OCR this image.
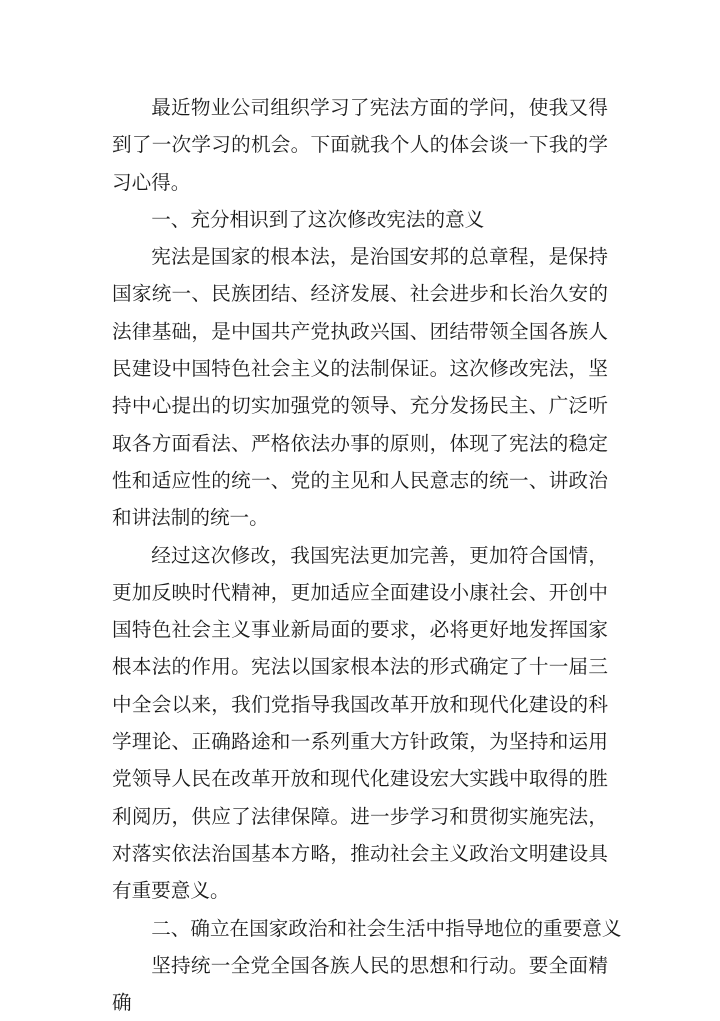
最近物业公司组织学习了宪法方面的学问，使我又得到了一次学习的机会。下面就我个人的体会谈一下我的学习心得。

一、充分相识到了这次修改宪法的意义

宪法是国家的根本法，是治国安邦的总章程，是保持国家统一、民族团结、经济发展、社会进步和长治久安的法律基础，是中国共产党执政兴国、团结带领全国各族人民建设中国特色社会主义的法制保证。这次修改宪法，坚持中心提出的切实加强党的领导、充分发扬民主、广泛听取各方面看法、严格依法办事的原则，体现了宪法的稳定性和适应性的统一、党的主见和人民意志的统一、讲政治和讲法制的统一。

经过这次修改，我国宪法更加完善，更加符合国情，更加反映时代精神，更加适应全面建设小康社会、开创中国特色社会主义事业新局面的要求，必将更好地发挥国家根本法的作用。宪法以国家根本法的形式确定了十一届三中全会以来，我们党指导我国改革开放和现代化建设的科学理论、正确路途和一系列重大方针政策，为坚持和运用党领导人民在改革开放和现代化建设宏大实践中取得的胜利阅历，供应了法律保障。进一步学习和贯彻实施宪法，对落实依法治国基本方略，推动社会主义政治文明建设具有重要意义。

二、确立在国家政治和社会生活中指导地位的重要意义

坚持统一全党全国各族人民的思想和行动。要全面精确
